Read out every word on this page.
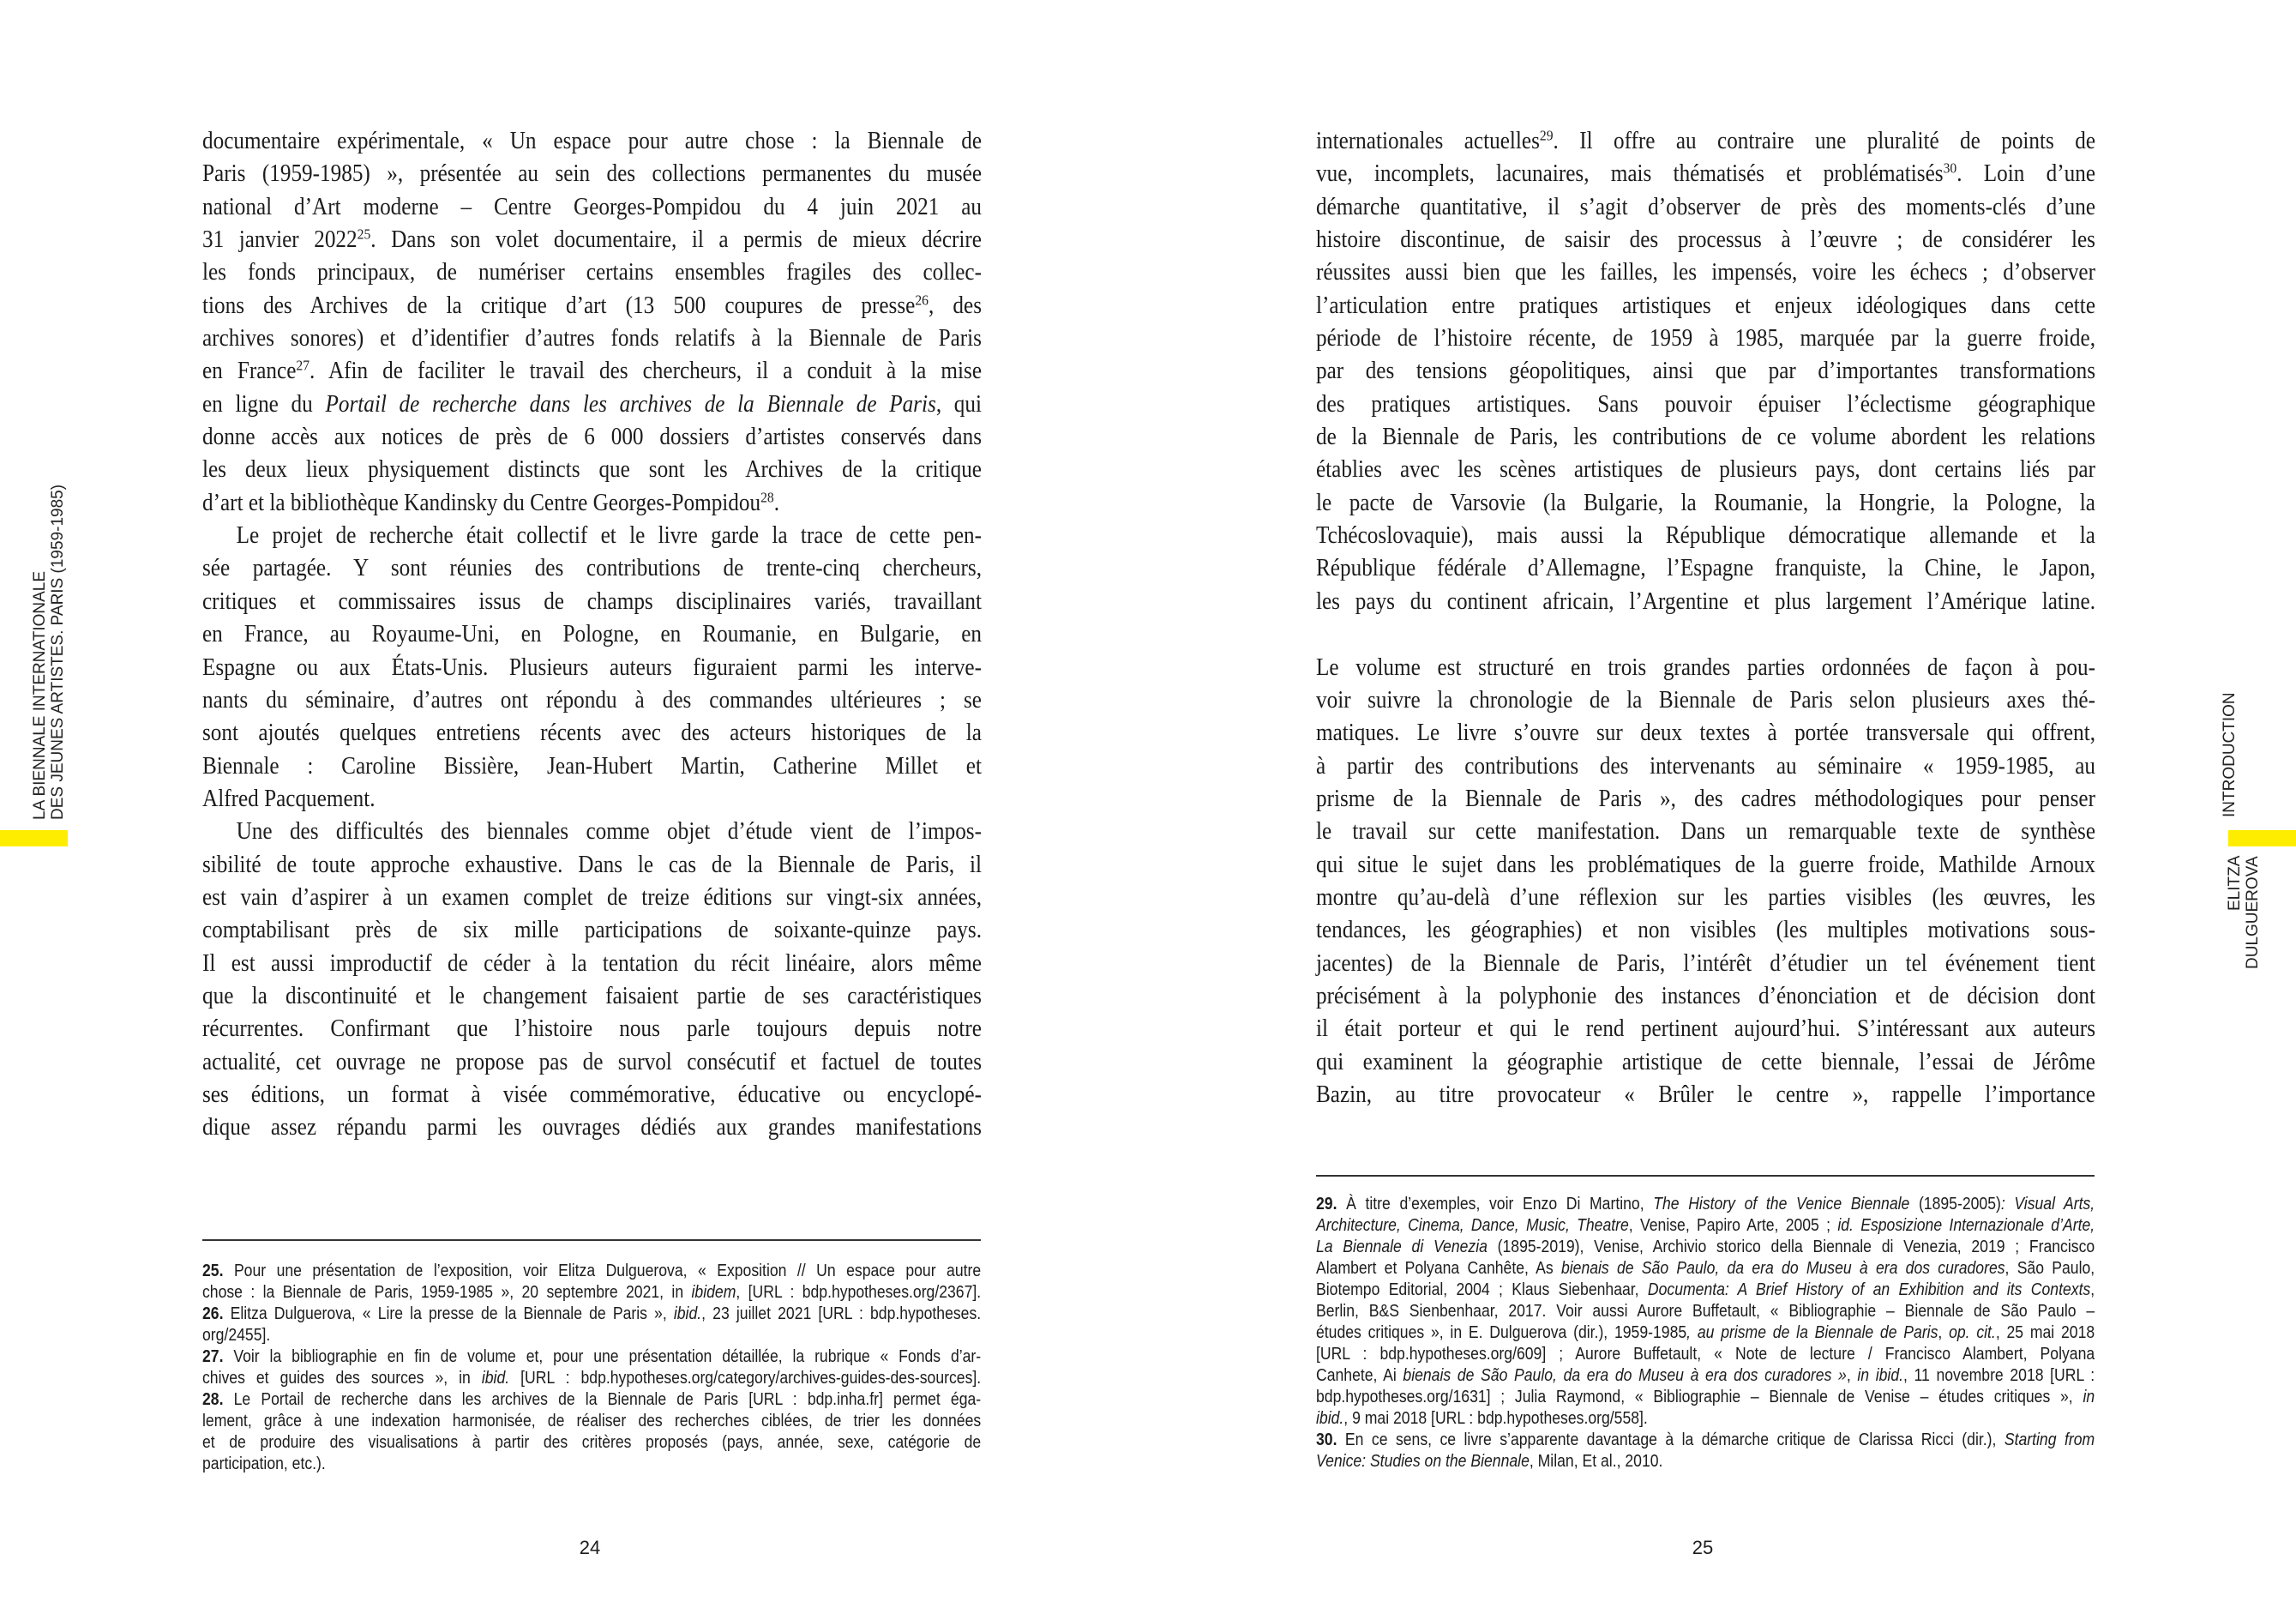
LA BIENNALE INTERNATIONALE DES JEUNES ARTISTES. PARIS (1959-1985)	INTRODUCTION
ELITZA DULGUEROVA
documentaire expérimentale, « Un espace pour autre chose : la Biennale de
Paris (1959-1985) », présentée au sein des collections permanentes du musée
national d’Art moderne – Centre Georges-Pompidou du 4 juin 2021 au
31 janvier 2022$^{25}$. Dans son volet documentaire, il a permis de mieux décrire
les fonds principaux, de numériser certains ensembles fragiles des collec-
tions des Archives de la critique d’art (13 500 coupures de presse$^{26}$, des
archives sonores) et d’identifier d’autres fonds relatifs à la Biennale de Paris
en France$^{27}$. Afin de faciliter le travail des chercheurs, il a conduit à la mise
en ligne du Portail de recherche dans les archives de la Biennale de Paris, qui
donne accès aux notices de près de 6 000 dossiers d’artistes conservés dans
les deux lieux physiquement distincts que sont les Archives de la critique
d’art et la bibliothèque Kandinsky du Centre Georges-Pompidou$^{28}$.
Le projet de recherche était collectif et le livre garde la trace de cette pen-
sée partagée. Y sont réunies des contributions de trente-cinq chercheurs,
critiques et commissaires issus de champs disciplinaires variés, travaillant
en France, au Royaume-Uni, en Pologne, en Roumanie, en Bulgarie, en
Espagne ou aux États-Unis. Plusieurs auteurs figuraient parmi les interve-
nants du séminaire, d’autres ont répondu à des commandes ultérieures ; se
sont ajoutés quelques entretiens récents avec des acteurs historiques de la
Biennale : Caroline Bissière, Jean-Hubert Martin, Catherine Millet et
Alfred Pacquement.
Une des difficultés des biennales comme objet d’étude vient de l’impos-
sibilité de toute approche exhaustive. Dans le cas de la Biennale de Paris, il
est vain d’aspirer à un examen complet de treize éditions sur vingt-six années,
comptabilisant près de six mille participations de soixante-quinze pays.
Il est aussi improductif de céder à la tentation du récit linéaire, alors même
que la discontinuité et le changement faisaient partie de ses caractéristiques
récurrentes. Confirmant que l’histoire nous parle toujours depuis notre
actualité, cet ouvrage ne propose pas de survol consécutif et factuel de toutes
ses éditions, un format à visée commémorative, éducative ou encyclopé-
dique assez répandu parmi les ouvrages dédiés aux grandes manifestations
internationales actuelles$^{29}$. Il offre au contraire une pluralité de points de
vue, incomplets, lacunaires, mais thématisés et problématisés$^{30}$. Loin d’une
démarche quantitative, il s’agit d’observer de près des moments-clés d’une
histoire discontinue, de saisir des processus à l’œuvre ; de considérer les
réussites aussi bien que les failles, les impensés, voire les échecs ; d’observer
l’articulation entre pratiques artistiques et enjeux idéologiques dans cette
période de l’histoire récente, de 1959 à 1985, marquée par la guerre froide,
par des tensions géopolitiques, ainsi que par d’importantes transformations
des pratiques artistiques. Sans pouvoir épuiser l’éclectisme géographique
de la Biennale de Paris, les contributions de ce volume abordent les relations
établies avec les scènes artistiques de plusieurs pays, dont certains liés par
le pacte de Varsovie (la Bulgarie, la Roumanie, la Hongrie, la Pologne, la
Tchécoslovaquie), mais aussi la République démocratique allemande et la
République fédérale d’Allemagne, l’Espagne franquiste, la Chine, le Japon,
les pays du continent africain, l’Argentine et plus largement l’Amérique latine.
Le volume est structuré en trois grandes parties ordonnées de façon à pou-
voir suivre la chronologie de la Biennale de Paris selon plusieurs axes thé-
matiques. Le livre s’ouvre sur deux textes à portée transversale qui offrent,
à partir des contributions des intervenants au séminaire « 1959-1985, au
prisme de la Biennale de Paris », des cadres méthodologiques pour penser
le travail sur cette manifestation. Dans un remarquable texte de synthèse
qui situe le sujet dans les problématiques de la guerre froide, Mathilde Arnoux
montre qu’au-delà d’une réflexion sur les parties visibles (les œuvres, les
tendances, les géographies) et non visibles (les multiples motivations sous-
jacentes) de la Biennale de Paris, l’intérêt d’étudier un tel événement tient
précisément à la polyphonie des instances d’énonciation et de décision dont
il était porteur et qui le rend pertinent aujourd’hui. S’intéressant aux auteurs
qui examinent la géographie artistique de cette biennale, l’essai de Jérôme
Bazin, au titre provocateur « Brûler le centre », rappelle l’importance
25. Pour une présentation de l’exposition, voir Elitza Dulguerova, « Exposition // Un espace pour autre
chose : la Biennale de Paris, 1959-1985 », 20 septembre 2021, in ibidem, [URL : bdp.hypotheses.org/2367].
26. Elitza Dulguerova, « Lire la presse de la Biennale de Paris », ibid., 23 juillet 2021 [URL : bdp.hypotheses.
org/2455].
27. Voir la bibliographie en fin de volume et, pour une présentation détaillée, la rubrique « Fonds d’ar-
chives et guides des sources », in ibid. [URL : bdp.hypotheses.org/category/archives-guides-des-sources].
28. Le Portail de recherche dans les archives de la Biennale de Paris [URL : bdp.inha.fr] permet éga-
lement, grâce à une indexation harmonisée, de réaliser des recherches ciblées, de trier les données
et de produire des visualisations à partir des critères proposés (pays, année, sexe, catégorie de
participation, etc.).
29. À titre d’exemples, voir Enzo Di Martino, The History of the Venice Biennale (1895-2005): Visual Arts,
Architecture, Cinema, Dance, Music, Theatre, Venise, Papiro Arte, 2005 ; id. Esposizione Internazionale d’Arte,
La Biennale di Venezia (1895-2019), Venise, Archivio storico della Biennale di Venezia, 2019 ; Francisco
Alambert et Polyana Canhête, As bienais de São Paulo, da era do Museu à era dos curadores, São Paulo,
Biotempo Editorial, 2004 ; Klaus Siebenhaar, Documenta: A Brief History of an Exhibition and its Contexts,
Berlin, B&S Sienbenhaar, 2017. Voir aussi Aurore Buffetault, « Bibliographie – Biennale de São Paulo –
études critiques », in E. Dulguerova (dir.), 1959-1985, au prisme de la Biennale de Paris, op. cit., 25 mai 2018
[URL : bdp.hypotheses.org/609] ; Aurore Buffetault, « Note de lecture / Francisco Alambert, Polyana
Canhete, Ai bienais de São Paulo, da era do Museu à era dos curadores », in ibid., 11 novembre 2018 [URL :
bdp.hypotheses.org/1631] ; Julia Raymond, « Bibliographie – Biennale de Venise – études critiques », in
ibid., 9 mai 2018 [URL : bdp.hypotheses.org/558].
30. En ce sens, ce livre s’apparente davantage à la démarche critique de Clarissa Ricci (dir.), Starting from
Venice: Studies on the Biennale, Milan, Et al., 2010.
24	25
